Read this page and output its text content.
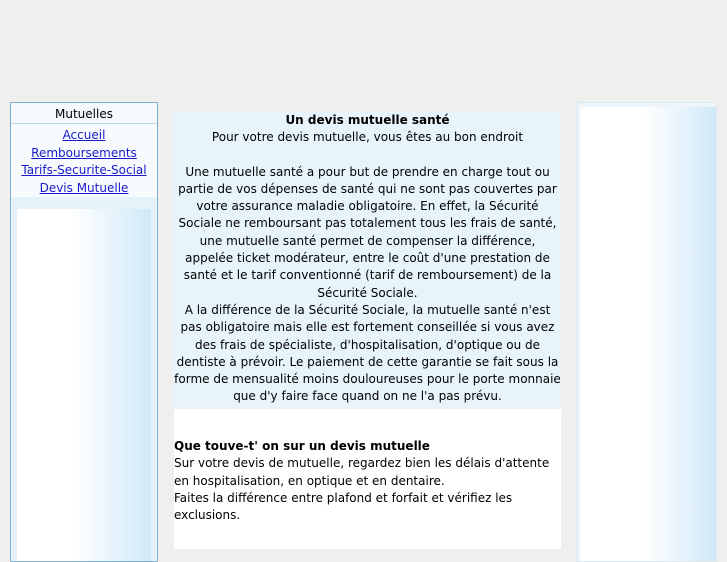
Mutuelles
Accueil
Remboursements
Tarifs-Securite-Social
Devis Mutuelle
Un devis mutuelle santé

Pour votre devis mutuelle, vous êtes au bon endroit

Une mutuelle santé a pour but de prendre en charge tout ou partie de vos dépenses de santé qui ne sont pas couvertes par votre assurance maladie obligatoire. En effet, la Sécurité Sociale ne remboursant pas totalement tous les frais de santé, une mutuelle santé permet de compenser la différence, appelée ticket modérateur, entre le coût d'une prestation de santé et le tarif conventionné (tarif de remboursement) de la Sécurité Sociale.

A la différence de la Sécurité Sociale, la mutuelle santé n'est pas obligatoire mais elle est fortement conseillée si vous avez des frais de spécialiste, d'hospitalisation, d'optique ou de dentiste à prévoir. Le paiement de cette garantie se fait sous la forme de mensualité moins douloureuses pour le porte monnaie que d'y faire face quand on ne l'a pas prévu.

Que touve-t' on sur un devis mutuelle

Sur votre devis de mutuelle, regardez bien les délais d'attente en hospitalisation, en optique et en dentaire.

Faites la différence entre plafond et forfait et vérifiez les exclusions.
